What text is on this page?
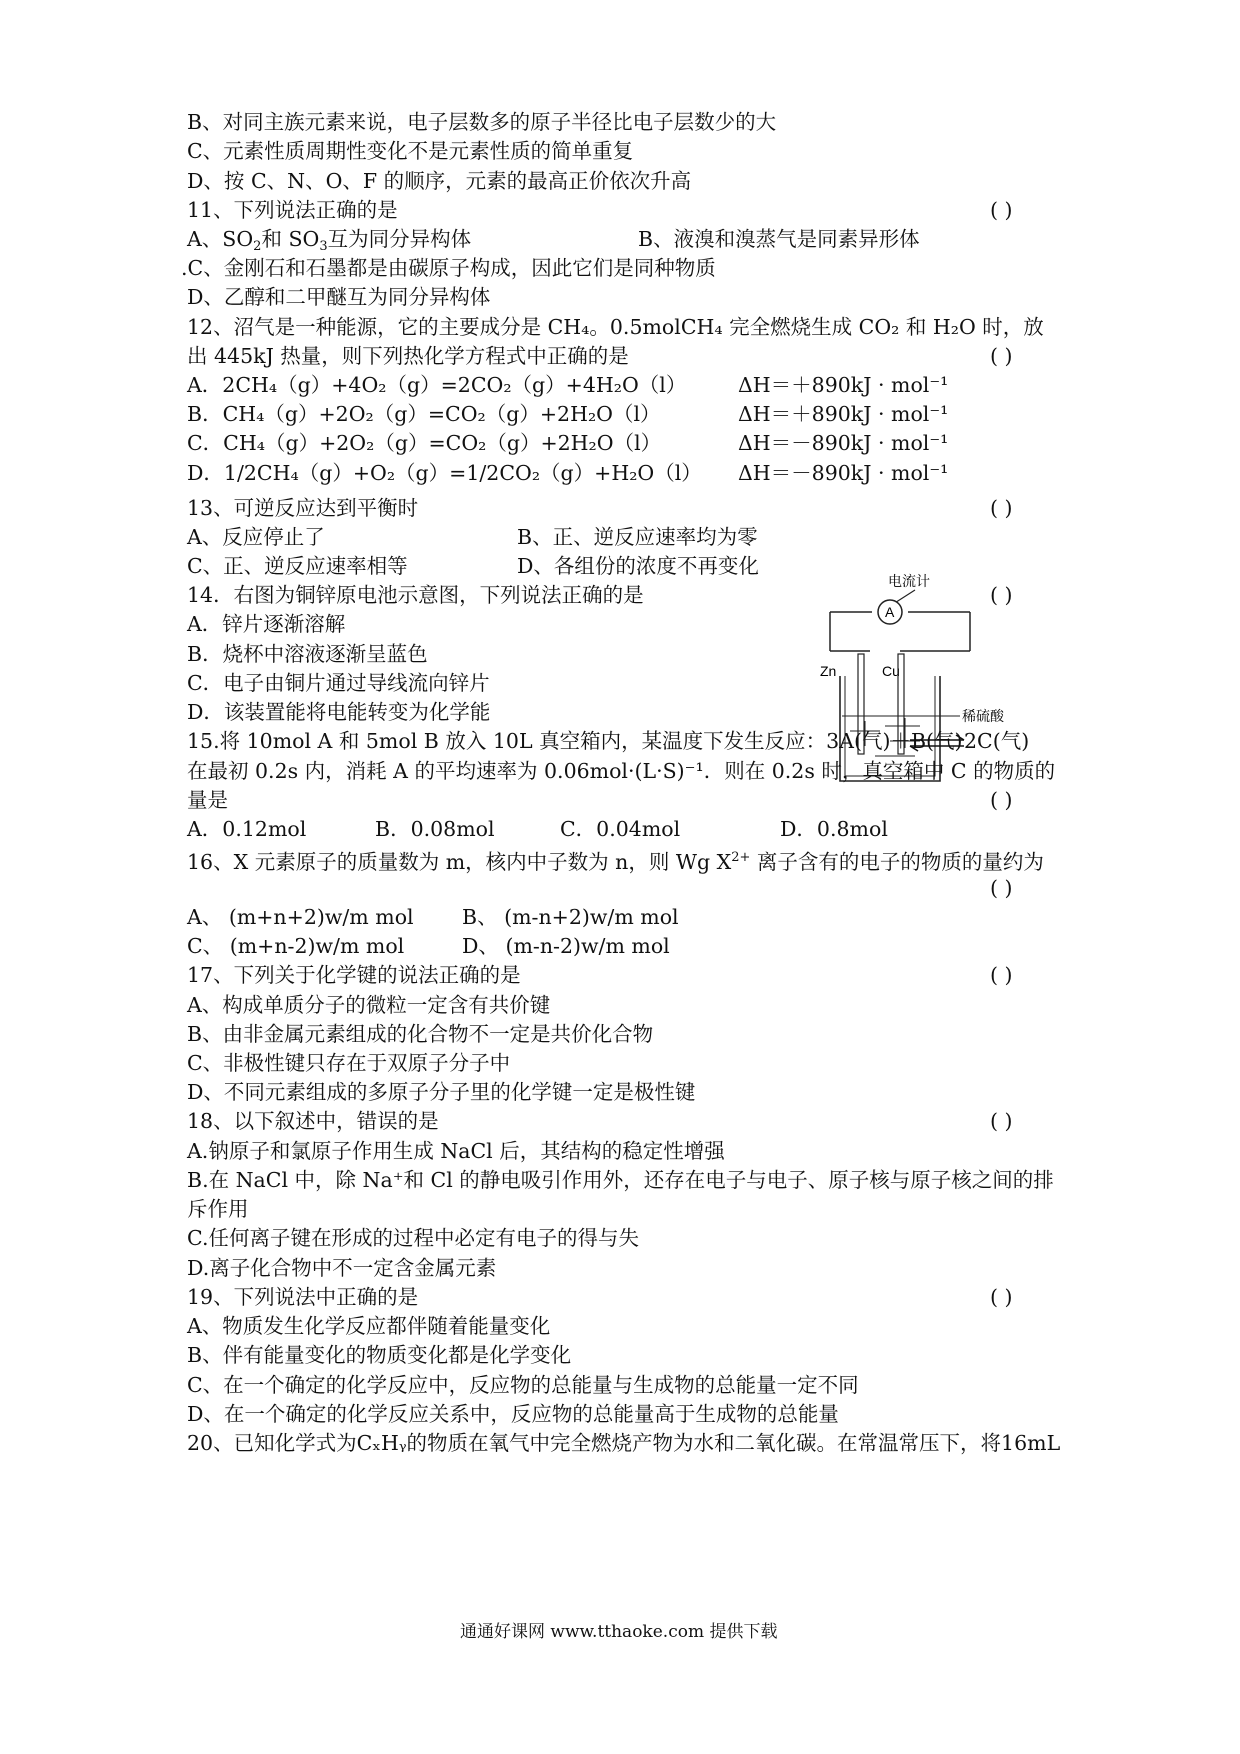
B、对同主族元素来说，电子层数多的原子半径比电子层数少的大
C、元素性质周期性变化不是元素性质的简单重复
D、按 C、N、O、F 的顺序，元素的最高正价依次升高
11、下列说法正确的是	( )
A、$SO_2$和 $SO_3$互为同分异构体	B、液溴和溴蒸气是同素异形体
.C、金刚石和石墨都是由碳原子构成，因此它们是同种物质
D、乙醇和二甲醚互为同分异构体
12、沼气是一种能源，它的主要成分是 CH₄。0.5molCH₄ 完全燃烧生成 CO₂ 和 H₂O 时，放
出 445kJ 热量，则下列热化学方程式中正确的是	( )
A．2CH₄（g）+4O₂（g）=2CO₂（g）+4H₂O（l）	ΔH＝＋890kJ · mol⁻¹
B．CH₄（g）+2O₂（g）=CO₂（g）+2H₂O（l）	ΔH＝＋890kJ · mol⁻¹
C．CH₄（g）+2O₂（g）=CO₂（g）+2H₂O（l）	ΔH＝－890kJ · mol⁻¹
D．1/2CH₄（g）+O₂（g）=1/2CO₂（g）+H₂O（l） ΔH＝－890kJ · mol⁻¹
13、可逆反应达到平衡时	( )
A、反应停止了	B、正、逆反应速率均为零
C、正、逆反应速率相等	D、各组份的浓度不再变化
14．右图为铜锌原电池示意图，下列说法正确的是	( )
A．锌片逐渐溶解
B．烧杯中溶液逐渐呈蓝色
C．电子由铜片通过导线流向锌片
D．该装置能将电能转变为化学能
电流计
A
Zn	Cu
稀硫酸
15.将 10mol A 和 5mol B 放入 10L 真空箱内，某温度下发生反应：3A(气)＋B(气) 2C(气)
在最初 0.2s 内，消耗 A 的平均速率为 0.06mol·(L·S)⁻¹．则在 0.2s 时，真空箱中 C 的物质的
量是	( )
A．0.12mol	B．0.08mol	C．0.04mol	D．0.8mol
16、X 元素原子的质量数为 m，核内中子数为 n，则 Wg $X^{2+}$ 离子含有的电子的物质的量约为
( )
A、 (m+n+2)w/m mol B、 (m-n+2)w/m mol
C、 (m+n-2)w/m mol	D、 (m-n-2)w/m mol
17、下列关于化学键的说法正确的是	( )
A、构成单质分子的微粒一定含有共价键
B、由非金属元素组成的化合物不一定是共价化合物
C、非极性键只存在于双原子分子中
D、不同元素组成的多原子分子里的化学键一定是极性键
18、以下叙述中，错误的是	( )
A.钠原子和氯原子作用生成 NaCl 后，其结构的稳定性增强
B.在 NaCl 中，除 Na⁺和 Cl 的静电吸引作用外，还存在电子与电子、原子核与原子核之间的排
斥作用
C.任何离子键在形成的过程中必定有电子的得与失
D.离子化合物中不一定含金属元素
19、下列说法中正确的是	( )
A、物质发生化学反应都伴随着能量变化
B、伴有能量变化的物质变化都是化学变化
C、在一个确定的化学反应中，反应物的总能量与生成物的总能量一定不同
D、在一个确定的化学反应关系中，反应物的总能量高于生成物的总能量
20、已知化学式为CₓHᵧ的物质在氧气中完全燃烧产物为水和二氧化碳。在常温常压下，将16mL
通通好课网 www.tthaoke.com 提供下载
